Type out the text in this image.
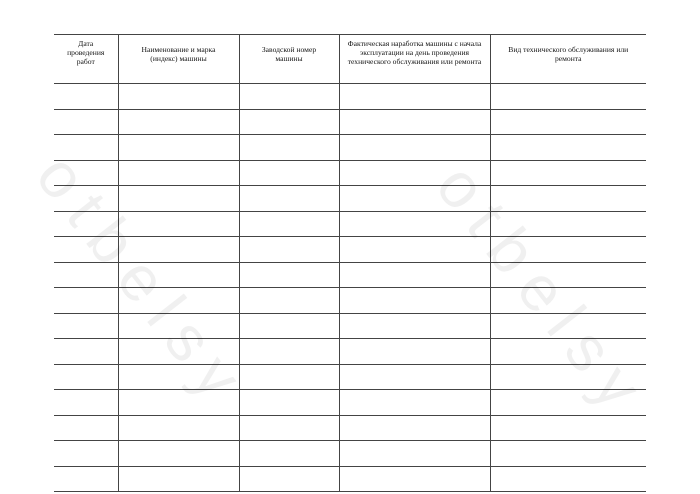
otbelsy otbelsy
Дата проведения работ	Наименование и марка (индекс) машины	Заводской номер машины	Фактическая наработка машины с начала эксплуатации на день проведения технического обслуживания или ремонта	Вид технического обслуживания или ремонта
